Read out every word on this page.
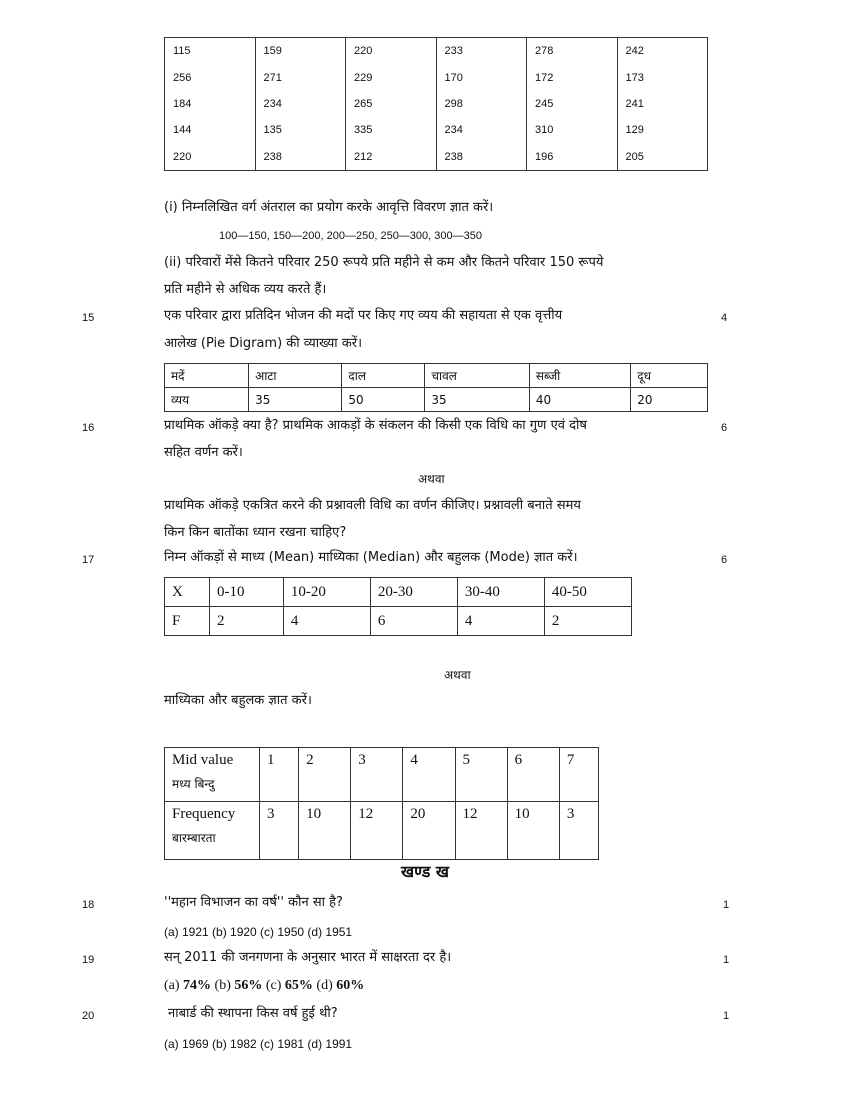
115	159	220	233	278	242
256	271	229	170	172	173
184	234	265	298	245	241
144	135	335	234	310	129
220	238	212	238	196	205
(i) निम्नलिखित वर्ग अंतराल का प्रयोग करके आवृत्ति विवरण ज्ञात करें।
100—150, 150—200, 200—250, 250—300, 300—350
(ii) परिवारों मेंसे कितने परिवार 250 रूपये प्रति महीने से कम और कितने परिवार 150 रूपये
प्रति महीने से अधिक व्यय करते हैं।
15	एक परिवार द्वारा प्रतिदिन भोजन की मदों पर किए गए व्यय की सहायता से एक वृत्तीय	4
आलेख (Pie Digram) की व्याख्या करें।
मदें	आटा	दाल	चावल	सब्जी	दूध
व्यय	35	50	35	40	20
16	प्राथमिक ऑकड़े क्या है? प्राथमिक आकड़ों के संकलन की किसी एक विधि का गुण एवं दोष	6
सहित वर्णन करें।
अथवा
प्राथमिक ऑकड़े एकत्रित करने की प्रश्नावली विधि का वर्णन कीजिए। प्रश्नावली बनाते समय
किन किन बातोंका ध्यान रखना चाहिए?
17	निम्न ऑकड़ों से माध्य (Mean) माध्यिका (Median) और बहुलक (Mode) ज्ञात करें।	6
X	0-10	10-20	20-30	30-40	40-50
F	2	4	6	4	2
अथवा
माध्यिका और बहुलक ज्ञात करें।
Mid value
मध्य बिन्दु	1	2	3	4	5	6	7
Frequency
बारम्बारता	3	10	12	20	12	10	3
खण्ड ख
18	''महान विभाजन का वर्ष'' कौन सा है?	1
(a) 1921 (b) 1920 (c) 1950 (d) 1951
19	सन् 2011 की जनगणना के अनुसार भारत में साक्षरता दर है।	1
(a) 74% (b) 56% (c) 65% (d) 60%
20	नाबार्ड की स्थापना किस वर्ष हुई थी?	1
(a) 1969 (b) 1982 (c) 1981 (d) 1991
